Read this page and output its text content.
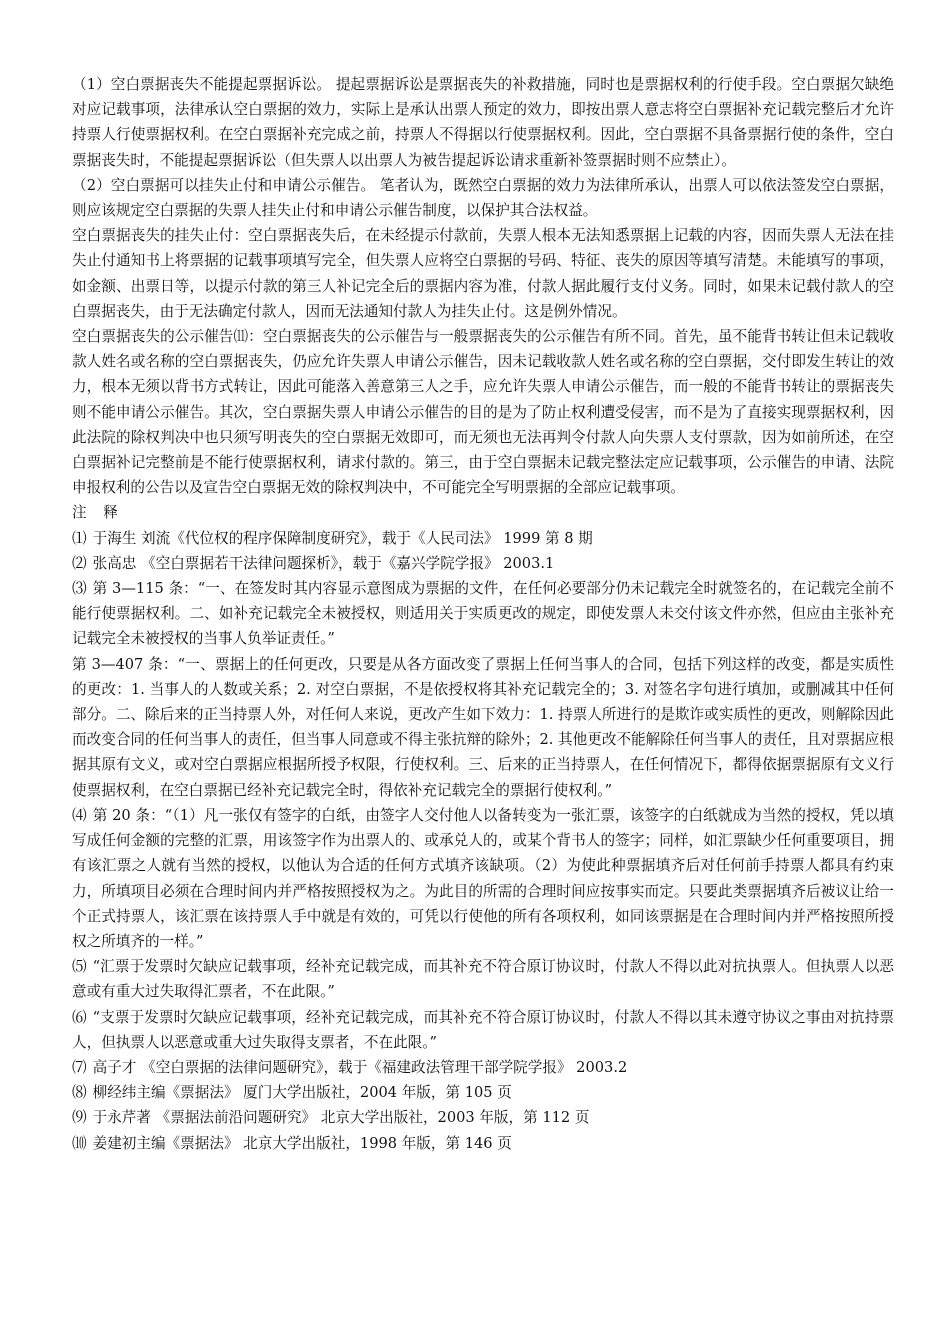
（1）空白票据丧失不能提起票据诉讼。 提起票据诉讼是票据丧失的补救措施，同时也是票据权利的行使手段。空白票据欠缺绝对应记载事项，法律承认空白票据的效力，实际上是承认出票人预定的效力，即按出票人意志将空白票据补充记载完整后才允许持票人行使票据权利。在空白票据补充完成之前，持票人不得据以行使票据权利。因此，空白票据不具备票据行使的条件，空白票据丧失时，不能提起票据诉讼（但失票人以出票人为被告提起诉讼请求重新补签票据时则不应禁止）。

（2）空白票据可以挂失止付和申请公示催告。 笔者认为，既然空白票据的效力为法律所承认，出票人可以依法签发空白票据，则应该规定空白票据的失票人挂失止付和申请公示催告制度，以保护其合法权益。

空白票据丧失的挂失止付：空白票据丧失后，在未经提示付款前，失票人根本无法知悉票据上记载的内容，因而失票人无法在挂失止付通知书上将票据的记载事项填写完全，但失票人应将空白票据的号码、特征、丧失的原因等填写清楚。未能填写的事项，如金额、出票日等，以提示付款的第三人补记完全后的票据内容为准，付款人据此履行支付义务。同时，如果未记载付款人的空白票据丧失，由于无法确定付款人，因而无法通知付款人为挂失止付。这是例外情况。

空白票据丧失的公示催告⑾：空白票据丧失的公示催告与一般票据丧失的公示催告有所不同。首先，虽不能背书转让但未记载收款人姓名或名称的空白票据丧失，仍应允许失票人申请公示催告，因未记载收款人姓名或名称的空白票据，交付即发生转让的效力，根本无须以背书方式转让，因此可能落入善意第三人之手，应允许失票人申请公示催告，而一般的不能背书转让的票据丧失则不能申请公示催告。其次，空白票据失票人申请公示催告的目的是为了防止权利遭受侵害，而不是为了直接实现票据权利，因此法院的除权判决中也只须写明丧失的空白票据无效即可，而无须也无法再判令付款人向失票人支付票款，因为如前所述，在空白票据补记完整前是不能行使票据权利，请求付款的。第三，由于空白票据未记载完整法定应记载事项，公示催告的申请、法院申报权利的公告以及宣告空白票据无效的除权判决中，不可能完全写明票据的全部应记载事项。

注 释

⑴ 于海生 刘流《代位权的程序保障制度研究》，载于《人民司法》 1999 第 8 期

⑵ 张高忠 《空白票据若干法律问题探析》，载于《嘉兴学院学报》 2003.1

⑶ 第 3—115 条：“一、在签发时其内容显示意图成为票据的文件，在任何必要部分仍未记载完全时就签名的，在记载完全前不能行使票据权利。二、如补充记载完全未被授权，则适用关于实质更改的规定，即使发票人未交付该文件亦然，但应由主张补充记载完全未被授权的当事人负举证责任。”

第 3—407 条：“一、票据上的任何更改，只要是从各方面改变了票据上任何当事人的合同，包括下列这样的改变，都是实质性的更改：1. 当事人的人数或关系；2. 对空白票据，不是依授权将其补充记载完全的；3. 对签名字句进行填加，或删减其中任何部分。二、除后来的正当持票人外，对任何人来说，更改产生如下效力：1. 持票人所进行的是欺诈或实质性的更改，则解除因此而改变合同的任何当事人的责任，但当事人同意或不得主张抗辩的除外；2. 其他更改不能解除任何当事人的责任，且对票据应根据其原有文义，或对空白票据应根据所授予权限，行使权利。三、后来的正当持票人，在任何情况下，都得依据票据原有文义行使票据权利，在空白票据已经补充记载完全时，得依补充记载完全的票据行使权利。”

⑷ 第 20 条：“（1）凡一张仅有签字的白纸，由签字人交付他人以备转变为一张汇票，该签字的白纸就成为当然的授权，凭以填写成任何金额的完整的汇票，用该签字作为出票人的、或承兑人的，或某个背书人的签字；同样，如汇票缺少任何重要项目，拥有该汇票之人就有当然的授权，以他认为合适的任何方式填齐该缺项。（2）为使此种票据填齐后对任何前手持票人都具有约束力，所填项目必须在合理时间内并严格按照授权为之。为此目的所需的合理时间应按事实而定。只要此类票据填齐后被议让给一个正式持票人，该汇票在该持票人手中就是有效的，可凭以行使他的所有各项权利，如同该票据是在合理时间内并严格按照所授权之所填齐的一样。”

⑸ “汇票于发票时欠缺应记载事项，经补充记载完成，而其补充不符合原订协议时，付款人不得以此对抗执票人。但执票人以恶意或有重大过失取得汇票者，不在此限。”

⑹ “支票于发票时欠缺应记载事项，经补充记载完成，而其补充不符合原订协议时，付款人不得以其未遵守协议之事由对抗持票人，但执票人以恶意或重大过失取得支票者，不在此限。”

⑺ 高子才 《空白票据的法律问题研究》，载于《福建政法管理干部学院学报》 2003.2

⑻ 柳经纬主编《票据法》 厦门大学出版社，2004 年版，第 105 页

⑼ 于永芹著 《票据法前沿问题研究》 北京大学出版社，2003 年版，第 112 页

⑽ 姜建初主编《票据法》 北京大学出版社，1998 年版，第 146 页
